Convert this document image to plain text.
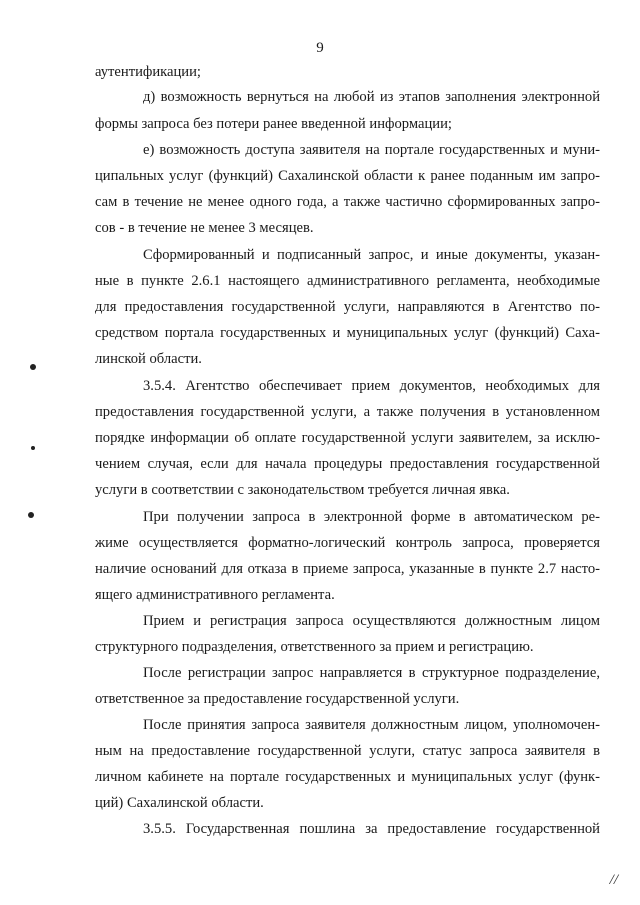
9
аутентификации;
д) возможность вернуться на любой из этапов заполнения электронной
формы запроса без потери ранее введенной информации;
е) возможность доступа заявителя на портале государственных и муни-
ципальных услуг (функций) Сахалинской области к ранее поданным им запро-
сам в течение не менее одного года, а также частично сформированных запро-
сов - в течение не менее 3 месяцев.
Сформированный и подписанный запрос, и иные документы, указан-
ные в пункте 2.6.1 настоящего административного регламента, необходимые
для предоставления государственной услуги, направляются в Агентство по-
средством портала государственных и муниципальных услуг (функций) Саха-
линской области.
3.5.4. Агентство обеспечивает прием документов, необходимых для
предоставления государственной услуги, а также получения в установленном
порядке информации об оплате государственной услуги заявителем, за исклю-
чением случая, если для начала процедуры предоставления государственной
услуги в соответствии с законодательством требуется личная явка.
При получении запроса в электронной форме в автоматическом ре-
жиме осуществляется форматно-логический контроль запроса, проверяется
наличие оснований для отказа в приеме запроса, указанные в пункте 2.7 насто-
ящего административного регламента.
Прием и регистрация запроса осуществляются должностным лицом
структурного подразделения, ответственного за прием и регистрацию.
После регистрации запрос направляется в структурное подразделение,
ответственное за предоставление государственной услуги.
После принятия запроса заявителя должностным лицом, уполномочен-
ным на предоставление государственной услуги, статус запроса заявителя в
личном кабинете на портале государственных и муниципальных услуг (функ-
ций) Сахалинской области.
3.5.5. Государственная пошлина за предоставление государственной
//
